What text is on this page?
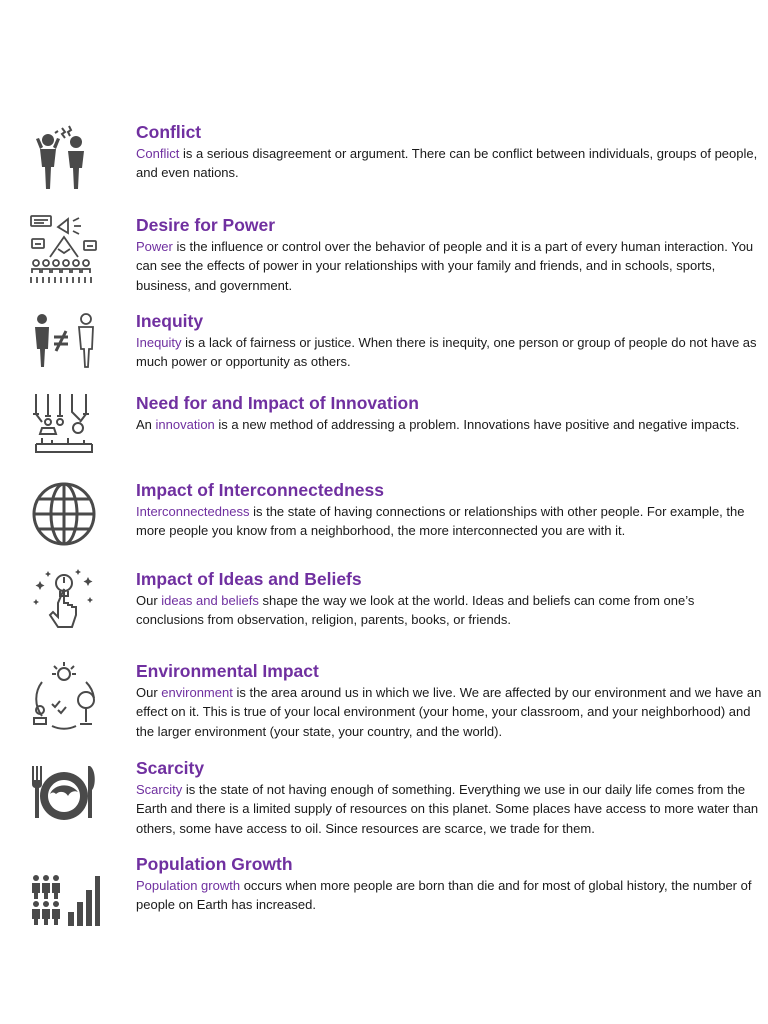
Conflict

Conflict is a serious disagreement or argument. There can be conflict between individuals, groups of people, and even nations.

Desire for Power

Power is the influence or control over the behavior of people and it is a part of every human interaction. You can see the effects of power in your relationships with your family and friends, and in schools, sports, business, and government.

Inequity

Inequity is a lack of fairness or justice. When there is inequity, one person or group of people do not have as much power or opportunity as others.

Need for and Impact of Innovation

An innovation is a new method of addressing a problem. Innovations have positive and negative impacts.

Impact of Interconnectedness

Interconnectedness is the state of having connections or relationships with other people. For example, the more people you know from a neighborhood, the more interconnected you are with it.

Impact of Ideas and Beliefs

Our ideas and beliefs shape the way we look at the world. Ideas and beliefs can come from one’s conclusions from observation, religion, parents, books, or friends.

Environmental Impact

Our environment is the area around us in which we live. We are affected by our environment and we have an effect on it. This is true of your local environment (your home, your classroom, and your neighborhood) and the larger environment (your state, your country, and the world).

Scarcity

Scarcity is the state of not having enough of something. Everything we use in our daily life comes from the Earth and there is a limited supply of resources on this planet. Some places have access to more water than others, some have access to oil. Since resources are scarce, we trade for them.

Population Growth

Population growth occurs when more people are born than die and for most of global history, the number of people on Earth has increased.
